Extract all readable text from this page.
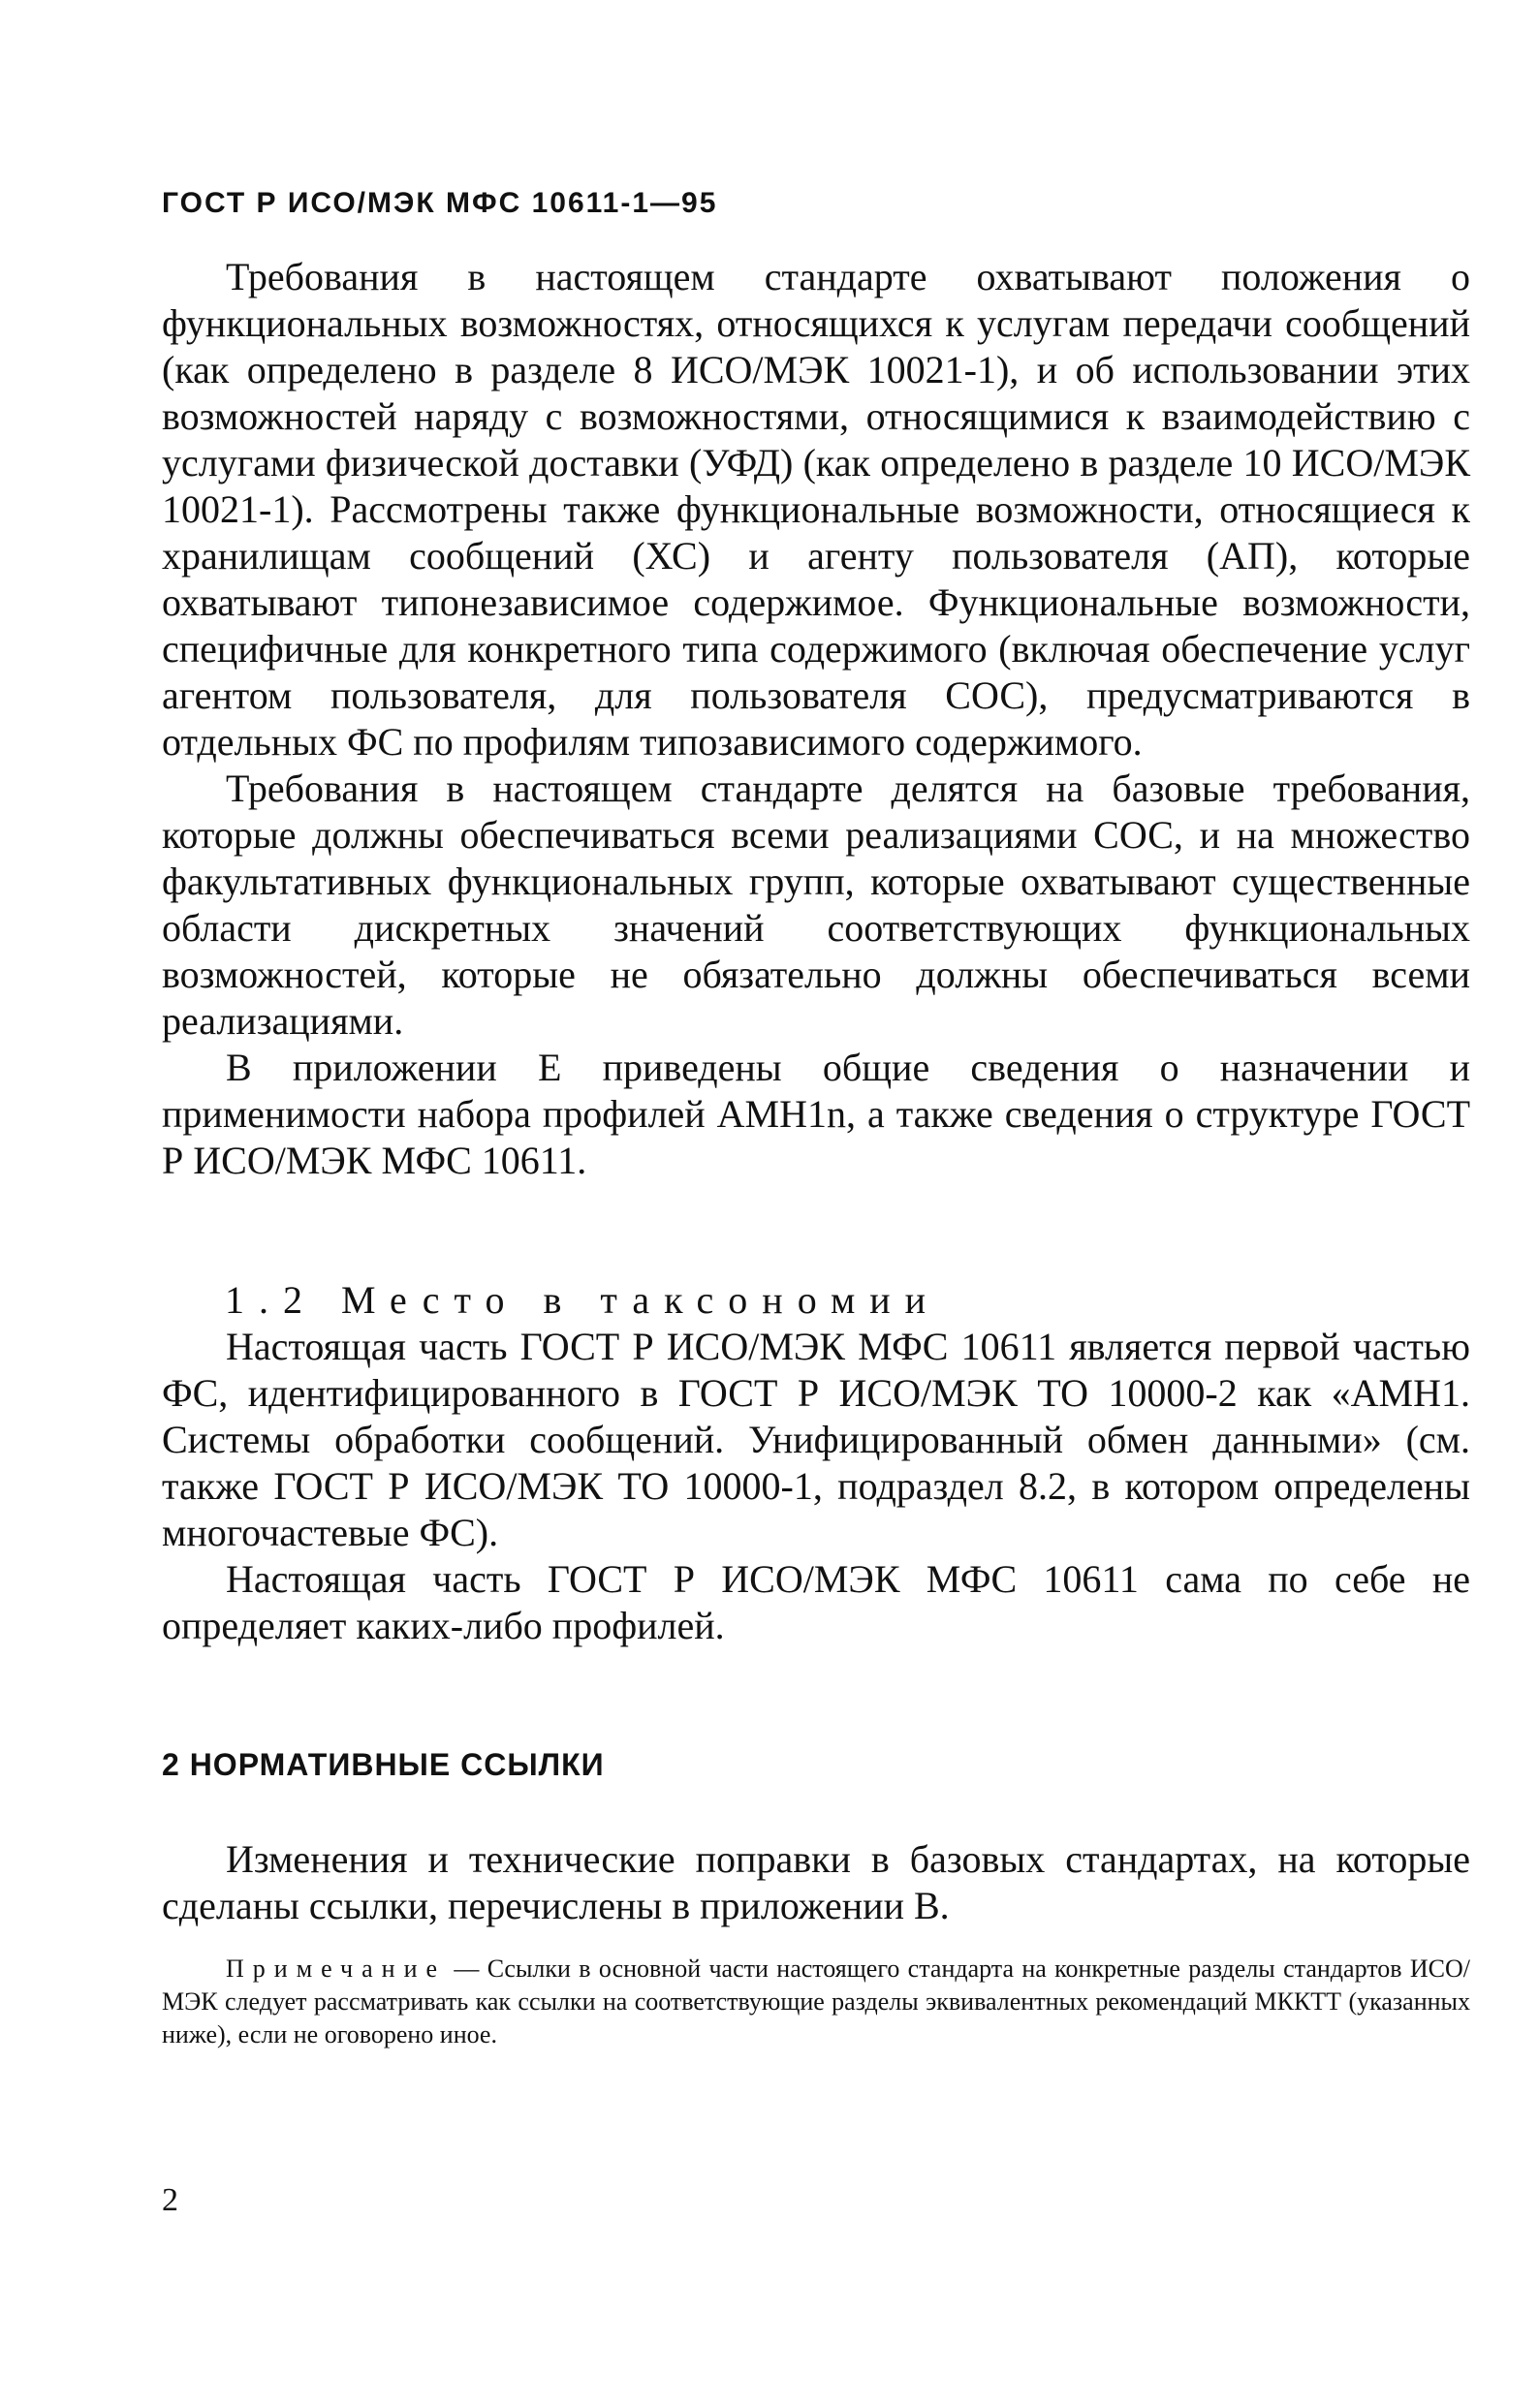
ГОСТ Р ИСО/МЭК МФС 10611-1—95

Требования в настоящем стандарте охватывают положения о функциональных возможностях, относящихся к услугам передачи сообщений (как определено в разделе 8 ИСО/МЭК 10021-1), и об использовании этих возможностей наряду с возможностями, относящимися к взаимодействию с услугами физической доставки (УФД) (как определено в разделе 10 ИСО/МЭК 10021-1). Рассмотрены также функциональные возможности, относящиеся к хранилищам сообщений (ХС) и агенту пользователя (АП), которые охватывают типонезависимое содержимое. Функциональные возможности, специфичные для конкретного типа содержимого (включая обеспечение услуг агентом пользователя, для пользователя СОС), предусматриваются в отдельных ФС по профилям типозависимого содержимого.

Требования в настоящем стандарте делятся на базовые требования, которые должны обеспечиваться всеми реализациями СОС, и на множество факультативных функциональных групп, которые охватывают существенные области дискретных значений соответствующих функциональных возможностей, которые не обязательно должны обеспечиваться всеми реализациями.

В приложении Е приведены общие сведения о назначении и применимости набора профилей АМН1n, а также сведения о структуре ГОСТ Р ИСО/МЭК МФС 10611.

1.2 Место в таксономии

Настоящая часть ГОСТ Р ИСО/МЭК МФС 10611 является первой частью ФС, идентифицированного в ГОСТ Р ИСО/МЭК ТО 10000-2 как «АМН1. Системы обработки сообщений. Унифицированный обмен данными» (см. также ГОСТ Р ИСО/МЭК ТО 10000-1, подраздел 8.2, в котором определены многочастевые ФС).

Настоящая часть ГОСТ Р ИСО/МЭК МФС 10611 сама по себе не определяет каких-либо профилей.

2 НОРМАТИВНЫЕ ССЫЛКИ

Изменения и технические поправки в базовых стандартах, на которые сделаны ссылки, перечислены в приложении В.

Примечание — Ссылки в основной части настоящего стандарта на конкретные разделы стандартов ИСО/МЭК следует рассматривать как ссылки на соответствующие разделы эквивалентных рекомендаций МККТТ (указанных ниже), если не оговорено иное.

2
